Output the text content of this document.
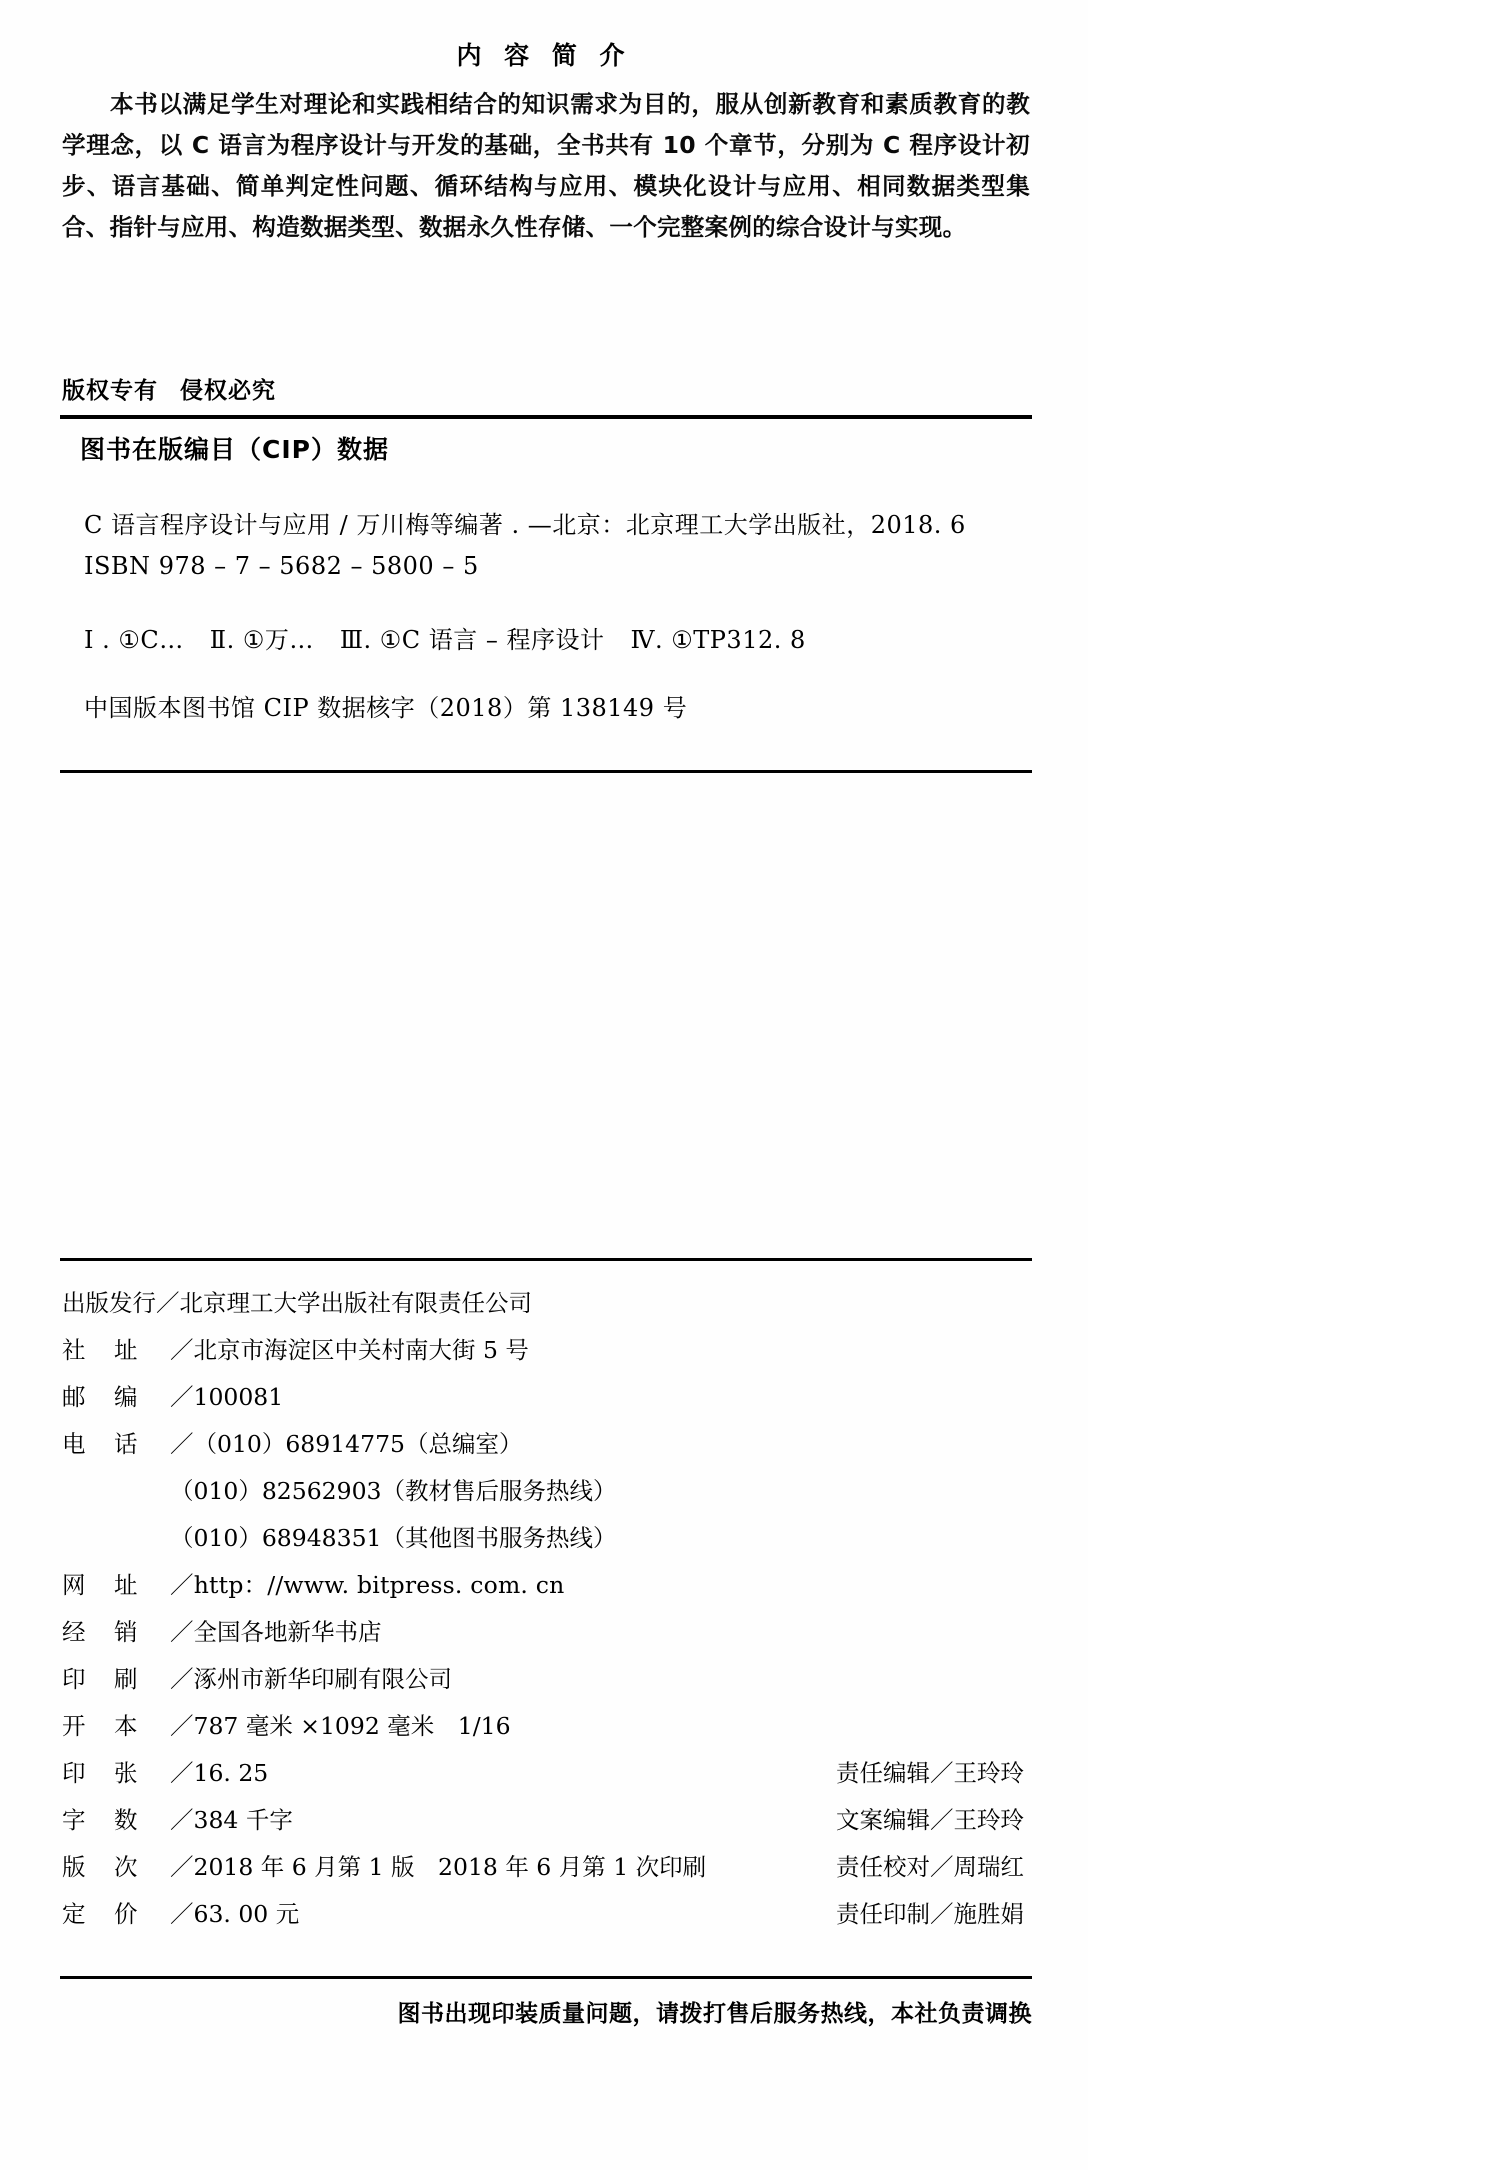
内 容 简 介
本书以满足学生对理论和实践相结合的知识需求为目的，服从创新教育和素质教育的教学理念，以 C 语言为程序设计与开发的基础，全书共有 10 个章节，分别为 C 程序设计初步、语言基础、简单判定性问题、循环结构与应用、模块化设计与应用、相同数据类型集合、指针与应用、构造数据类型、数据永久性存储、一个完整案例的综合设计与实现。
版权专有 侵权必究
图书在版编目（CIP）数据
C 语言程序设计与应用 / 万川梅等编著 . —北京：北京理工大学出版社，2018. 6
ISBN 978 – 7 – 5682 – 5800 – 5
Ⅰ . ①C… Ⅱ. ①万… Ⅲ. ①C 语言 – 程序设计 Ⅳ. ①TP312. 8
中国版本图书馆 CIP 数据核字（2018）第 138149 号
出版发行／北京理工大学出版社有限责任公司
社 址 ／北京市海淀区中关村南大街 5 号
邮 编 ／100081
电 话 ／（010）68914775（总编室）
（010）82562903（教材售后服务热线）
（010）68948351（其他图书服务热线）
网 址 ／http：//www. bitpress. com. cn
经 销 ／全国各地新华书店
印 刷 ／涿州市新华印刷有限公司
开 本 ／787 毫米 ×1092 毫米　1/16
印 张 ／16. 25	责任编辑／王玲玲
字 数 ／384 千字	文案编辑／王玲玲
版 次 ／2018 年 6 月第 1 版　2018 年 6 月第 1 次印刷	责任校对／周瑞红
定 价 ／63. 00 元	责任印制／施胜娟
图书出现印装质量问题，请拨打售后服务热线，本社负责调换
